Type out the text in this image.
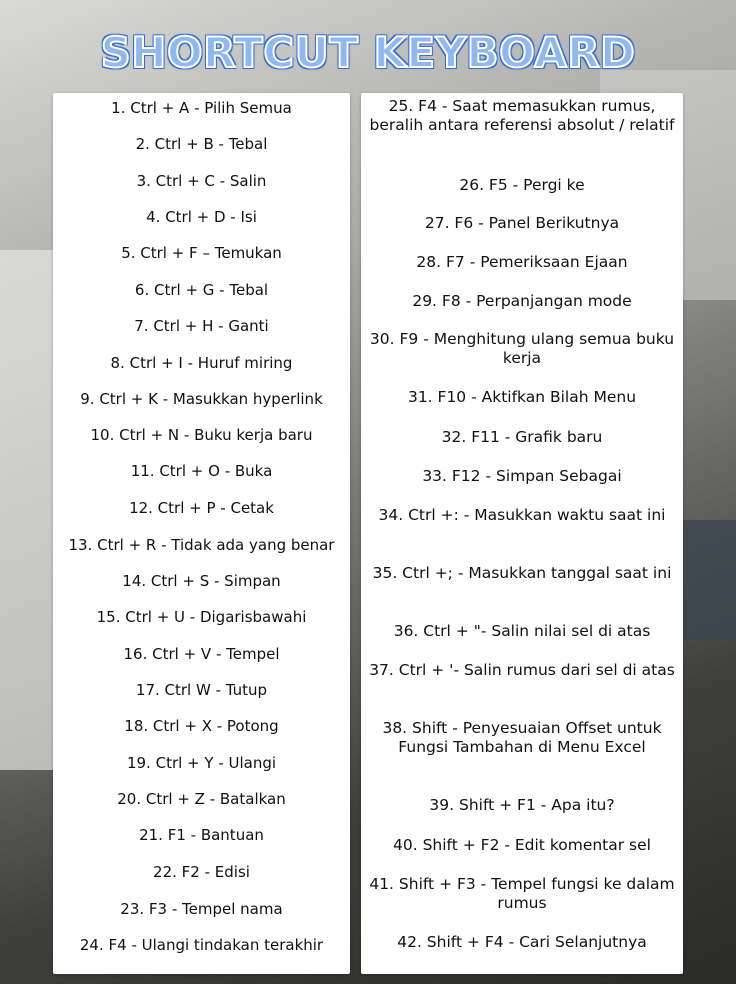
SHORTCUT KEYBOARD
1. Ctrl + A - Pilih Semua
2. Ctrl + B - Tebal
3. Ctrl + C - Salin
4. Ctrl + D - Isi
5. Ctrl + F – Temukan
6. Ctrl + G - Tebal
7. Ctrl + H - Ganti
8. Ctrl + I - Huruf miring
9. Ctrl + K - Masukkan hyperlink
10. Ctrl + N - Buku kerja baru
11. Ctrl + O - Buka
12. Ctrl + P - Cetak
13. Ctrl + R - Tidak ada yang benar
14. Ctrl + S - Simpan
15. Ctrl + U - Digarisbawahi
16. Ctrl + V - Tempel
17. Ctrl W - Tutup
18. Ctrl + X - Potong
19. Ctrl + Y - Ulangi
20. Ctrl + Z - Batalkan
21. F1 - Bantuan
22. F2 - Edisi
23. F3 - Tempel nama
24. F4 - Ulangi tindakan terakhir
25. F4 - Saat memasukkan rumus, beralih antara referensi absolut / relatif
26. F5 - Pergi ke
27. F6 - Panel Berikutnya
28. F7 - Pemeriksaan Ejaan
29. F8 - Perpanjangan mode
30. F9 - Menghitung ulang semua buku kerja
31. F10 - Aktifkan Bilah Menu
32. F11 - Grafik baru
33. F12 - Simpan Sebagai
34. Ctrl +: - Masukkan waktu saat ini
35. Ctrl +; - Masukkan tanggal saat ini
36. Ctrl + "- Salin nilai sel di atas
37. Ctrl + '- Salin rumus dari sel di atas
38. Shift - Penyesuaian Offset untuk Fungsi Tambahan di Menu Excel
39. Shift + F1 - Apa itu?
40. Shift + F2 - Edit komentar sel
41. Shift + F3 - Tempel fungsi ke dalam rumus
42. Shift + F4 - Cari Selanjutnya
